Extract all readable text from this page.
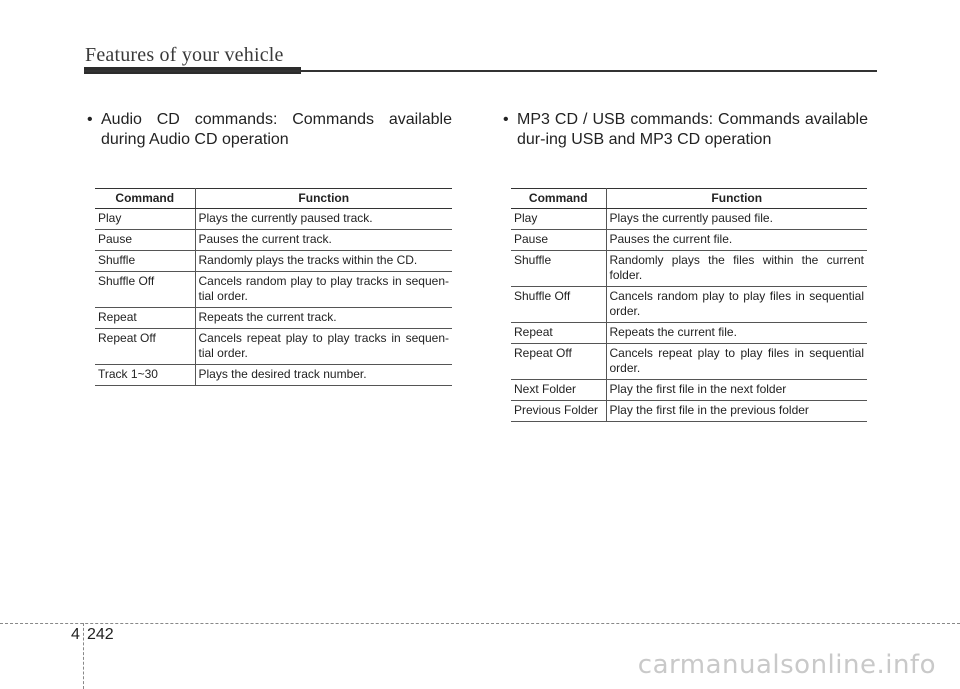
Features of your vehicle

• Audio CD commands: Commands available during Audio CD operation

Command	Function
Play	Plays the currently paused track.
Pause	Pauses the current track.
Shuffle	Randomly plays the tracks within the CD.
Shuffle Off	Cancels random play to play tracks in sequen-tial order.
Repeat	Repeats the current track.
Repeat Off	Cancels repeat play to play tracks in sequen-tial order.
Track 1~30	Plays the desired track number.

• MP3 CD / USB commands: Commands available dur-ing USB and MP3 CD operation

Command	Function
Play	Plays the currently paused file.
Pause	Pauses the current file.
Shuffle	Randomly plays the files within the current folder.
Shuffle Off	Cancels random play to play files in sequential order.
Repeat	Repeats the current file.
Repeat Off	Cancels repeat play to play files in sequential order.
Next Folder	Play the first file in the next folder
Previous Folder	Play the first file in the previous folder
4 242
carmanualsonline.info
